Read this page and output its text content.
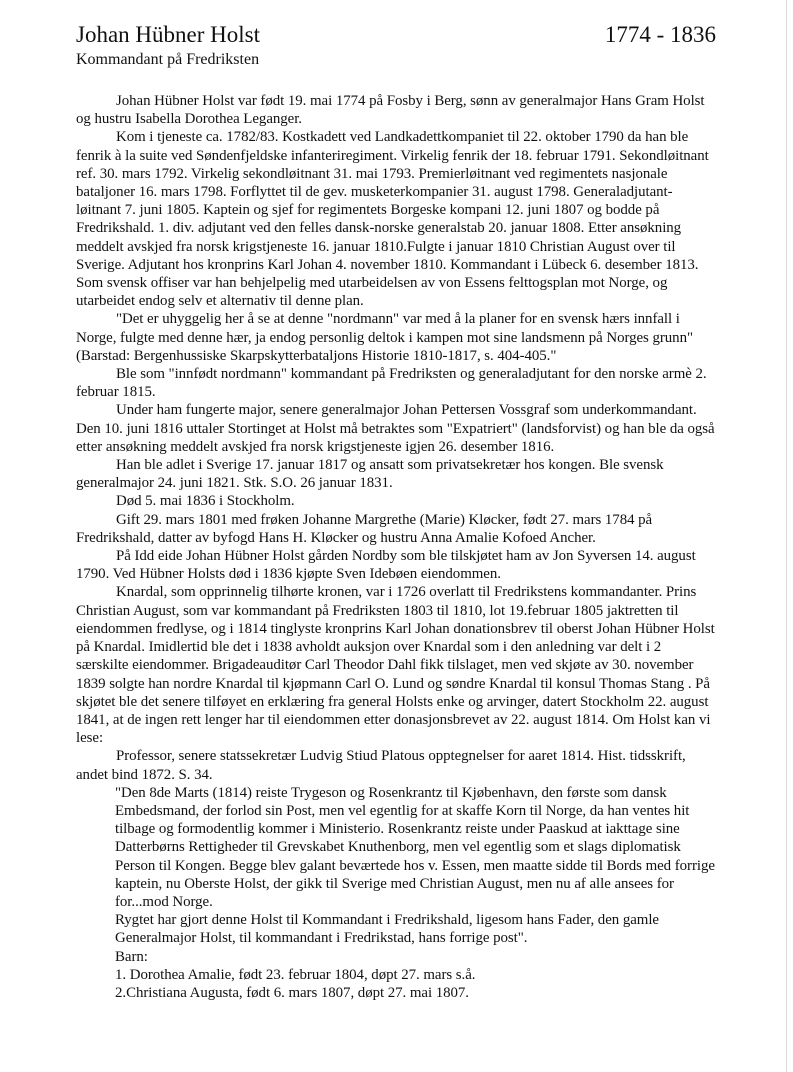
Johan Hübner Holst	1774 - 1836
Kommandant på Fredriksten

Johan Hübner Holst var født 19. mai 1774 på Fosby i Berg, sønn av generalmajor Hans Gram Holst og hustru Isabella Dorothea Leganger.

Kom i tjeneste ca. 1782/83. Kostkadett ved Landkadettkompaniet til 22. oktober 1790 da han ble fenrik à la suite ved Søndenfjeldske infanteriregiment. Virkelig fenrik der 18. februar 1791. Sekondløitnant ref. 30. mars 1792. Virkelig sekondløitnant 31. mai 1793. Premierløitnant ved regimentets nasjonale bataljoner 16. mars 1798. Forflyttet til de gev. musketerkompanier 31. august 1798. Generaladjutant-løitnant 7. juni 1805. Kaptein og sjef for regimentets Borgeske kompani 12. juni 1807 og bodde på Fredrikshald. 1. div. adjutant ved den felles dansk-norske generalstab 20. januar 1808. Etter ansøkning meddelt avskjed fra norsk krigstjeneste 16. januar 1810.Fulgte i januar 1810 Christian August over til Sverige. Adjutant hos kronprins Karl Johan 4. november 1810. Kommandant i Lübeck 6. desember 1813. Som svensk offiser var han behjelpelig med utarbeidelsen av von Essens felttogsplan mot Norge, og utarbeidet endog selv et alternativ til denne plan.

"Det er uhyggelig her å se at denne "nordmann" var med å la planer for en svensk hærs innfall i Norge, fulgte med denne hær, ja endog personlig deltok i kampen mot sine landsmenn på Norges grunn" (Barstad: Bergenhussiske Skarpskytterbataljons Historie 1810-1817, s. 404-405."

Ble som "innfødt nordmann" kommandant på Fredriksten og generaladjutant for den norske armè 2. februar 1815.

Under ham fungerte major, senere generalmajor Johan Pettersen Vossgraf som underkommandant. Den 10. juni 1816 uttaler Stortinget at Holst må betraktes som "Expatriert" (landsforvist) og han ble da også etter ansøkning meddelt avskjed fra norsk krigstjeneste igjen 26. desember 1816.

Han ble adlet i Sverige 17. januar 1817 og ansatt som privatsekretær hos kongen. Ble svensk generalmajor 24. juni 1821. Stk. S.O. 26 januar 1831.

Død 5. mai 1836 i Stockholm.

Gift 29. mars 1801 med frøken Johanne Margrethe (Marie) Kløcker, født 27. mars 1784 på Fredrikshald, datter av byfogd Hans H. Kløcker og hustru Anna Amalie Kofoed Ancher.

På Idd eide Johan Hübner Holst gården Nordby som ble tilskjøtet ham av Jon Syversen 14. august 1790. Ved Hübner Holsts død i 1836 kjøpte Sven Idebøen eiendommen.

Knardal, som opprinnelig tilhørte kronen, var i 1726 overlatt til Fredrikstens kommandanter. Prins Christian August, som var kommandant på Fredriksten 1803 til 1810, lot 19.februar 1805 jaktretten til eiendommen fredlyse, og i 1814 tinglyste kronprins Karl Johan donationsbrev til oberst Johan Hübner Holst på Knardal. Imidlertid ble det i 1838 avholdt auksjon over Knardal som i den anledning var delt i 2 særskilte eiendommer. Brigadeauditør Carl Theodor Dahl fikk tilslaget, men ved skjøte av 30. november 1839 solgte han nordre Knardal til kjøpmann Carl O. Lund og søndre Knardal til konsul Thomas Stang . På skjøtet ble det senere tilføyet en erklæring fra general Holsts enke og arvinger, datert Stockholm 22. august 1841, at de ingen rett lenger har til eiendommen etter donasjonsbrevet av 22. august 1814. Om Holst kan vi lese:

Professor, senere statssekretær Ludvig Stiud Platous opptegnelser for aaret 1814. Hist. tidsskrift, andet bind 1872. S. 34.

"Den 8de Marts (1814) reiste Trygeson og Rosenkrantz til Kjøbenhavn, den første som dansk Embedsmand, der forlod sin Post, men vel egentlig for at skaffe Korn til Norge, da han ventes hit tilbage og formodentlig kommer i Ministerio. Rosenkrantz reiste under Paaskud at iakttage sine Datterbørns Rettigheder til Grevskabet Knuthenborg, men vel egentlig som et slags diplomatisk Person til Kongen. Begge blev galant beværtede hos v. Essen, men maatte sidde til Bords med forrige kaptein, nu Oberste Holst, der gikk til Sverige med Christian August, men nu af alle ansees for for...mod Norge.

Rygtet har gjort denne Holst til Kommandant i Fredrikshald, ligesom hans Fader, den gamle Generalmajor Holst, til kommandant i Fredrikstad, hans forrige post".

Barn:

1. Dorothea Amalie, født 23. februar 1804, døpt 27. mars s.å.

2.Christiana Augusta, født 6. mars 1807, døpt 27. mai 1807.
